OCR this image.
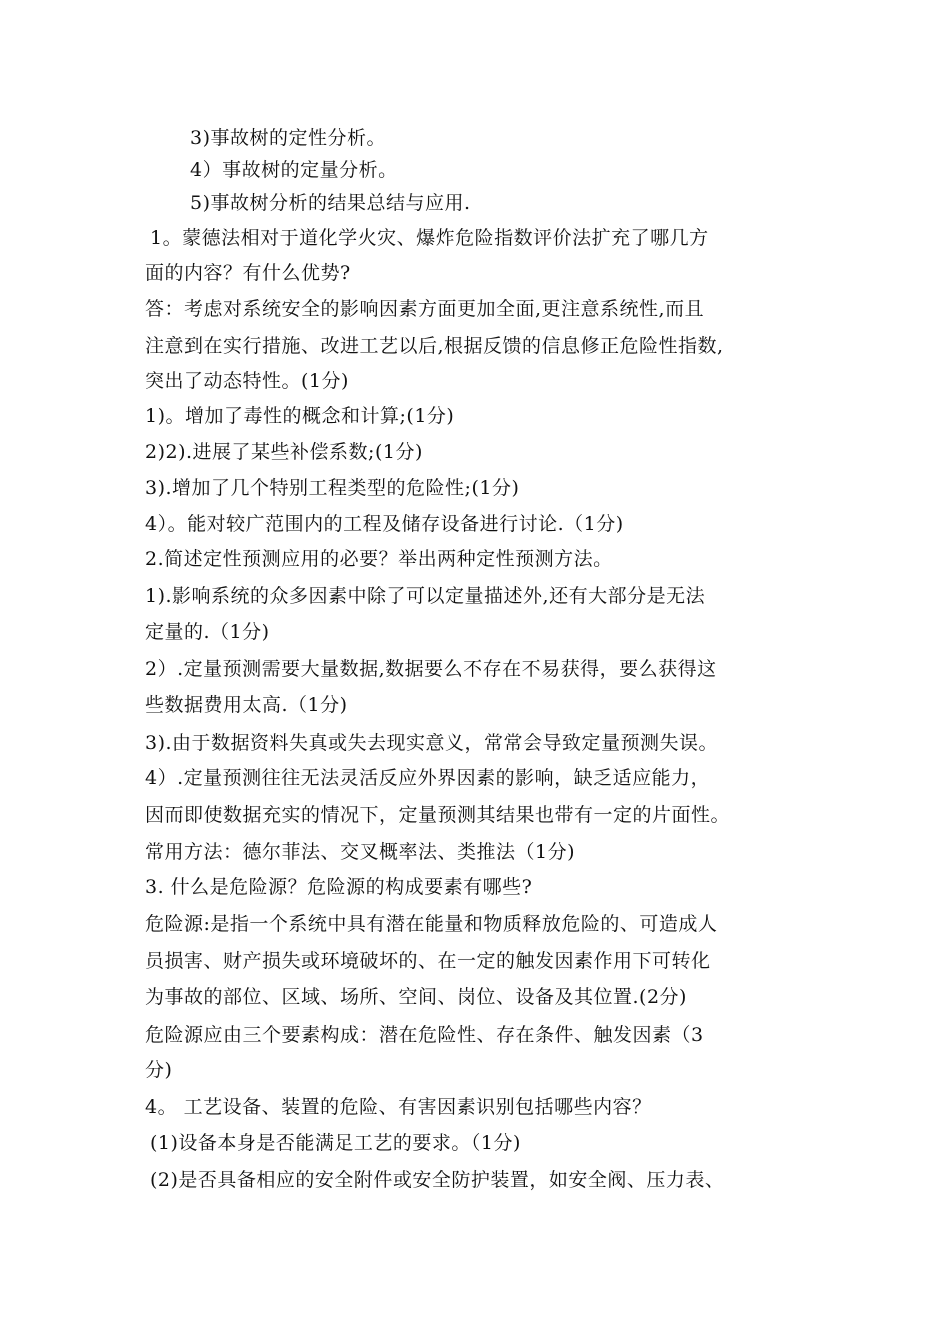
3)事故树的定性分析。
4）事故树的定量分析。
5)事故树分析的结果总结与应用.
1。蒙德法相对于道化学火灾、爆炸危险指数评价法扩充了哪几方
面的内容？有什么优势?
答：考虑对系统安全的影响因素方面更加全面,更注意系统性,而且
注意到在实行措施、改进工艺以后,根据反馈的信息修正危险性指数,
突出了动态特性。(1分)
1)。增加了毒性的概念和计算;(1分)
2)2).进展了某些补偿系数;(1分)
3).增加了几个特别工程类型的危险性;(1分)
4）。能对较广范围内的工程及储存设备进行讨论.（1分)
2.简述定性预测应用的必要？举出两种定性预测方法。
1).影响系统的众多因素中除了可以定量描述外,还有大部分是无法
定量的.（1分)
2）.定量预测需要大量数据,数据要么不存在不易获得，要么获得这
些数据费用太高.（1分)
3).由于数据资料失真或失去现实意义，常常会导致定量预测失误。
4）.定量预测往往无法灵活反应外界因素的影响，缺乏适应能力，
因而即使数据充实的情况下，定量预测其结果也带有一定的片面性。
常用方法：德尔菲法、交叉概率法、类推法（1分)
3. 什么是危险源？危险源的构成要素有哪些?
危险源:是指一个系统中具有潜在能量和物质释放危险的、可造成人
员损害、财产损失或环境破坏的、在一定的触发因素作用下可转化
为事故的部位、区域、场所、空间、岗位、设备及其位置.(2分)
危险源应由三个要素构成：潜在危险性、存在条件、触发因素（3
分)
4。 工艺设备、装置的危险、有害因素识别包括哪些内容？
(1)设备本身是否能满足工艺的要求。（1分)
(2)是否具备相应的安全附件或安全防护装置，如安全阀、压力表、
